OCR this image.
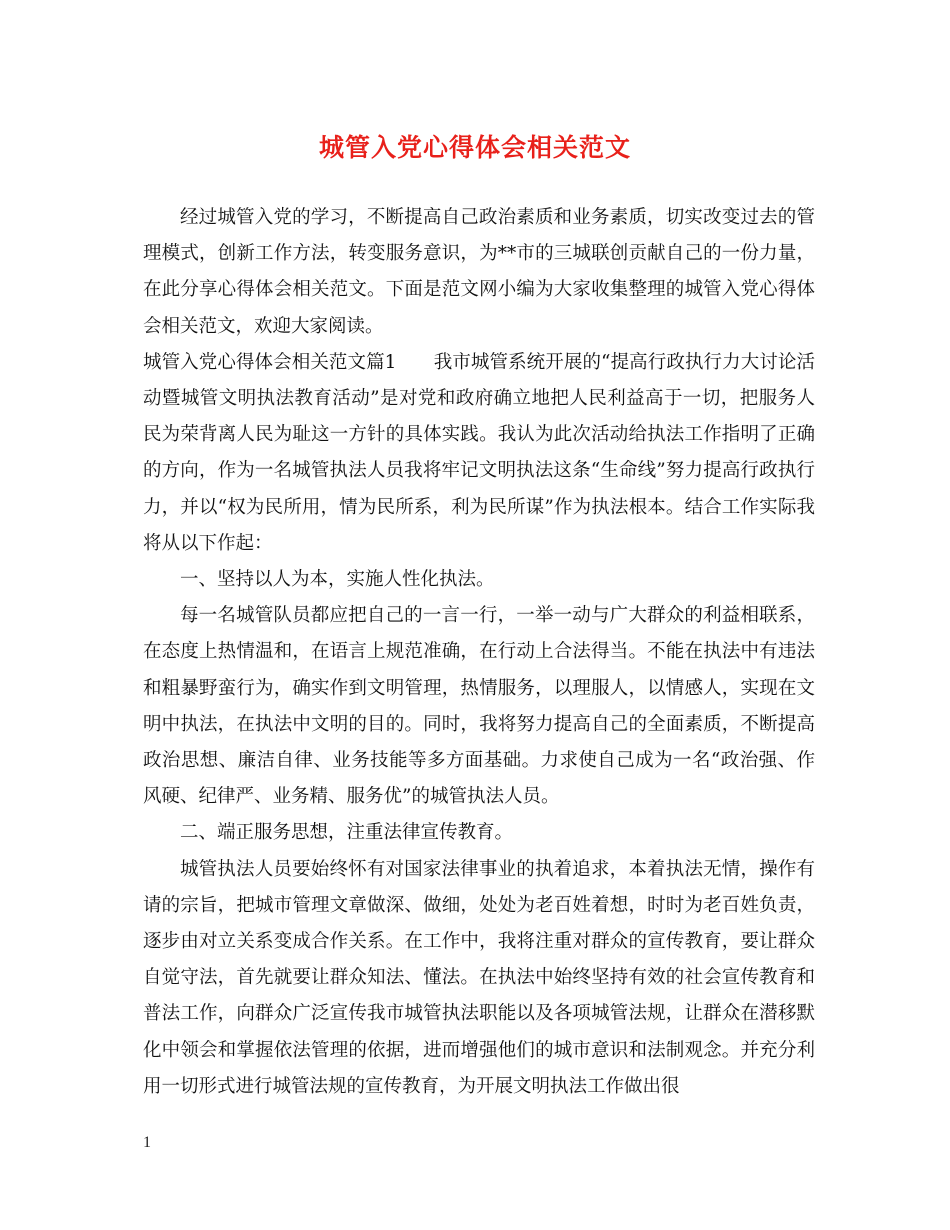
城管入党心得体会相关范文

经过城管入党的学习，不断提高自己政治素质和业务素质，切实改变过去的管理模式，创新工作方法，转变服务意识，为**市的三城联创贡献自己的一份力量，在此分享心得体会相关范文。下面是范文网小编为大家收集整理的城管入党心得体会相关范文，欢迎大家阅读。

城管入党心得体会相关范文篇1　　我市城管系统开展的“提高行政执行力大讨论活动暨城管文明执法教育活动”是对党和政府确立地把人民利益高于一切，把服务人民为荣背离人民为耻这一方针的具体实践。我认为此次活动给执法工作指明了正确的方向，作为一名城管执法人员我将牢记文明执法这条“生命线”努力提高行政执行力，并以“权为民所用，情为民所系，利为民所谋”作为执法根本。结合工作实际我将从以下作起：

一、坚持以人为本，实施人性化执法。

每一名城管队员都应把自己的一言一行，一举一动与广大群众的利益相联系，在态度上热情温和，在语言上规范准确，在行动上合法得当。不能在执法中有违法和粗暴野蛮行为，确实作到文明管理，热情服务，以理服人，以情感人，实现在文明中执法，在执法中文明的目的。同时，我将努力提高自己的全面素质，不断提高政治思想、廉洁自律、业务技能等多方面基础。力求使自己成为一名“政治强、作风硬、纪律严、业务精、服务优”的城管执法人员。

二、端正服务思想，注重法律宣传教育。

城管执法人员要始终怀有对国家法律事业的执着追求，本着执法无情，操作有请的宗旨，把城市管理文章做深、做细，处处为老百姓着想，时时为老百姓负责，逐步由对立关系变成合作关系。在工作中，我将注重对群众的宣传教育，要让群众自觉守法，首先就要让群众知法、懂法。在执法中始终坚持有效的社会宣传教育和普法工作，向群众广泛宣传我市城管执法职能以及各项城管法规，让群众在潜移默化中领会和掌握依法管理的依据，进而增强他们的城市意识和法制观念。并充分利用一切形式进行城管法规的宣传教育，为开展文明执法工作做出很

1
